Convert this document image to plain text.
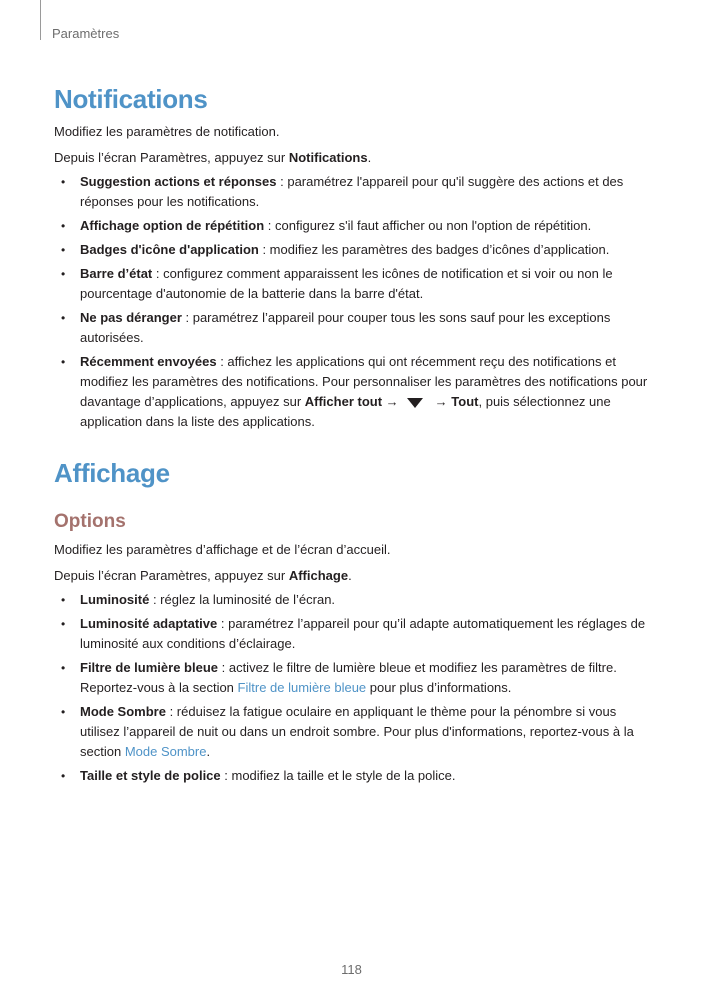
Paramètres
Notifications

Modifiez les paramètres de notification.

Depuis l’écran Paramètres, appuyez sur Notifications.

• Suggestion actions et réponses : paramétrez l'appareil pour qu'il suggère des actions et des réponses pour les notifications.
• Affichage option de répétition : configurez s'il faut afficher ou non l'option de répétition.
• Badges d'icône d'application : modifiez les paramètres des badges d’icônes d’application.
• Barre d’état : configurez comment apparaissent les icônes de notification et si voir ou non le pourcentage d'autonomie de la batterie dans la barre d'état.
• Ne pas déranger : paramétrez l’appareil pour couper tous les sons sauf pour les exceptions autorisées.
• Récemment envoyées : affichez les applications qui ont récemment reçu des notifications et modifiez les paramètres des notifications. Pour personnaliser les paramètres des notifications pour davantage d’applications, appuyez sur Afficher tout →	→ Tout, puis sélectionnez une application dans la liste des applications.
Affichage
Options

Modifiez les paramètres d’affichage et de l’écran d’accueil.

Depuis l’écran Paramètres, appuyez sur Affichage.

• Luminosité : réglez la luminosité de l’écran.
• Luminosité adaptative : paramétrez l’appareil pour qu’il adapte automatiquement les réglages de luminosité aux conditions d’éclairage.
• Filtre de lumière bleue : activez le filtre de lumière bleue et modifiez les paramètres de filtre. Reportez-vous à la section Filtre de lumière bleue pour plus d’informations.
• Mode Sombre : réduisez la fatigue oculaire en appliquant le thème pour la pénombre si vous utilisez l’appareil de nuit ou dans un endroit sombre. Pour plus d'informations, reportez-vous à la section Mode Sombre.
• Taille et style de police : modifiez la taille et le style de la police.
118
